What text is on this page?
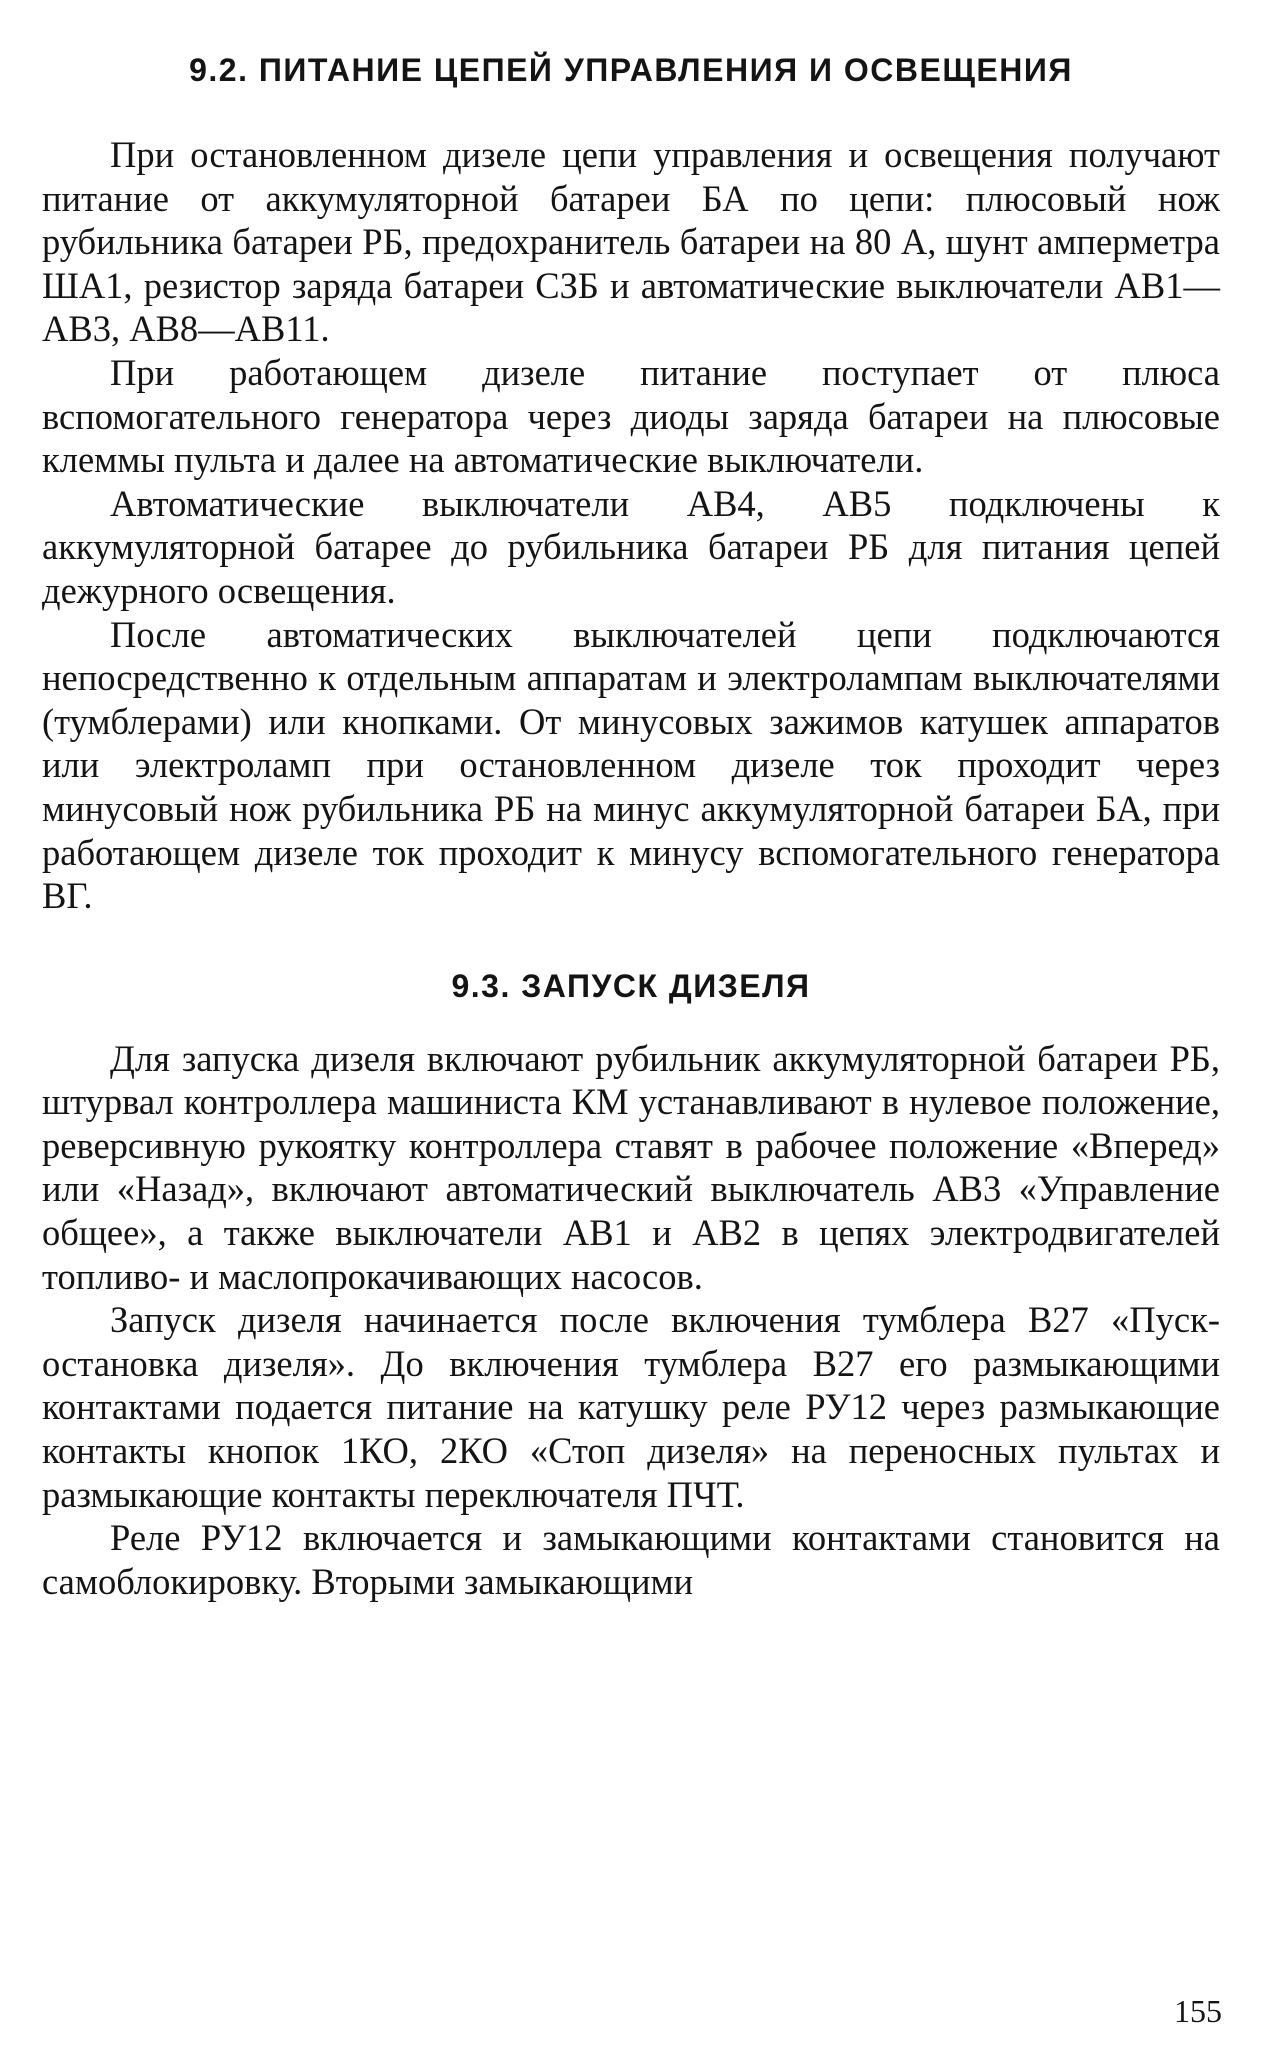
9.2. ПИТАНИЕ ЦЕПЕЙ УПРАВЛЕНИЯ И ОСВЕЩЕНИЯ

При остановленном дизеле цепи управления и освещения получают питание от аккумуляторной батареи БА по цепи: плюсовый нож рубильника батареи РБ, предохранитель батареи на 80 А, шунт амперметра ШA1, резистор заряда батареи СЗБ и автоматические выключатели АВ1—АВ3, АВ8—АВ11.

При работающем дизеле питание поступает от плюса вспомогательного генератора через диоды заряда батареи на плюсовые клеммы пульта и далее на автоматические выключатели.

Автоматические выключатели АВ4, АВ5 подключены к аккумуляторной батарее до рубильника батареи РБ для питания цепей дежурного освещения.

После автоматических выключателей цепи подключаются непосредственно к отдельным аппаратам и электролампам выключателями (тумблерами) или кнопками. От минусовых зажимов катушек аппаратов или электроламп при остановленном дизеле ток проходит через минусовый нож рубильника РБ на минус аккумуляторной батареи БА, при работающем дизеле ток проходит к минусу вспомогательного генератора ВГ.

9.3. ЗАПУСК ДИЗЕЛЯ

Для запуска дизеля включают рубильник аккумуляторной батареи РБ, штурвал контроллера машиниста КМ устанавливают в нулевое положение, реверсивную рукоятку контроллера ставят в рабочее положение «Вперед» или «Назад», включают автоматический выключатель АВ3 «Управление общее», а также выключатели АВ1 и АВ2 в цепях электродвигателей топливо- и маслопрокачивающих насосов.

Запуск дизеля начинается после включения тумблера В27 «Пуск-остановка дизеля». До включения тумблера В27 его размыкающими контактами подается питание на катушку реле РУ12 через размыкающие контакты кнопок 1КО, 2КО «Стоп дизеля» на переносных пультах и размыкающие контакты переключателя ПЧТ.

Реле РУ12 включается и замыкающими контактами становится на самоблокировку. Вторыми замыкающими

155
